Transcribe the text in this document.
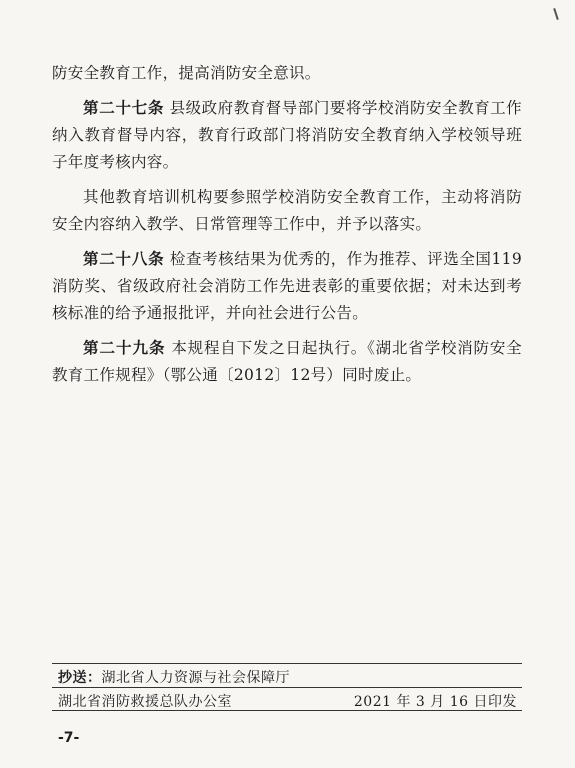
防安全教育工作，提高消防安全意识。

第二十七条 县级政府教育督导部门要将学校消防安全教育工作纳入教育督导内容，教育行政部门将消防安全教育纳入学校领导班子年度考核内容。

其他教育培训机构要参照学校消防安全教育工作，主动将消防安全内容纳入教学、日常管理等工作中，并予以落实。

第二十八条 检查考核结果为优秀的，作为推荐、评选全国119消防奖、省级政府社会消防工作先进表彰的重要依据；对未达到考核标准的给予通报批评，并向社会进行公告。

第二十九条 本规程自下发之日起执行。《湖北省学校消防安全教育工作规程》（鄂公通〔2012〕12号）同时废止。

抄送：湖北省人力资源与社会保障厅
湖北省消防救援总队办公室	2021 年 3 月 16 日印发
-7-
